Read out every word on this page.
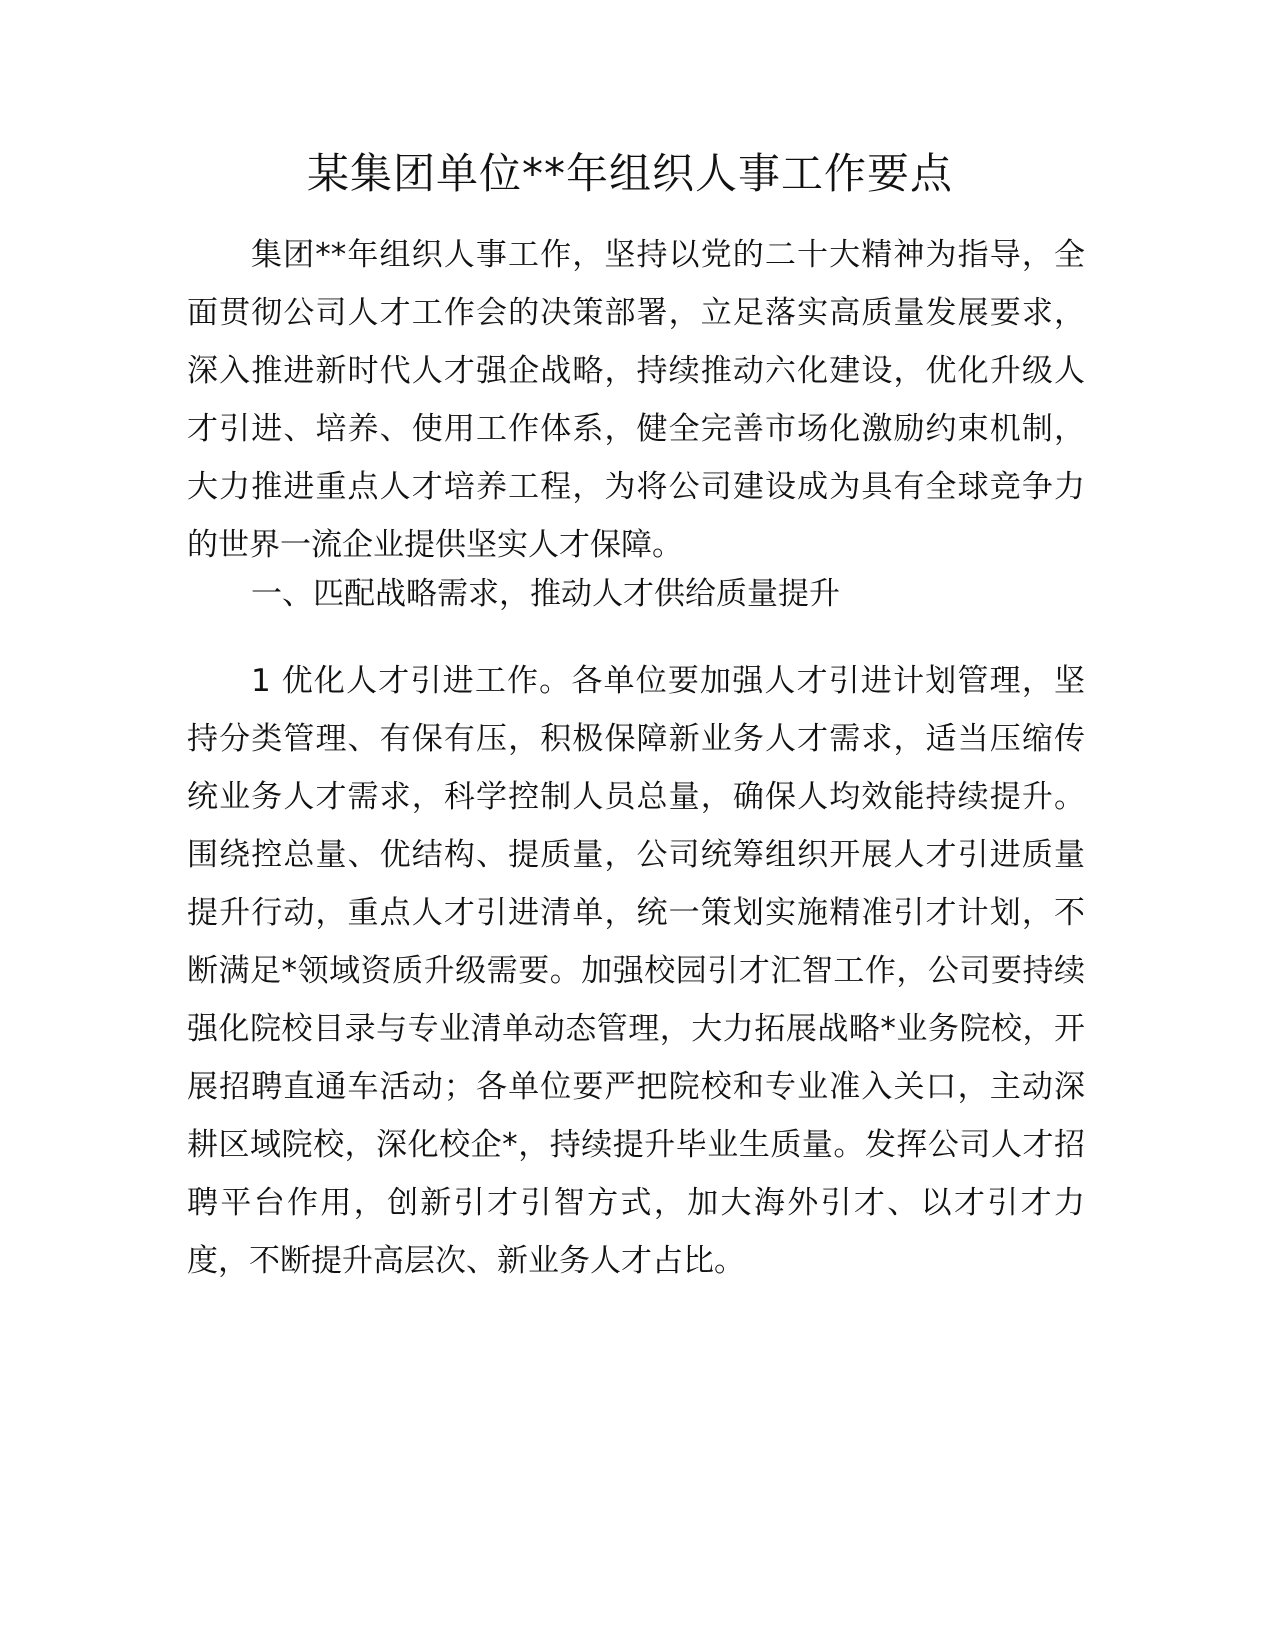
某集团单位**年组织人事工作要点

集团**年组织人事工作，坚持以党的二十大精神为指导，全面贯彻公司人才工作会的决策部署，立足落实高质量发展要求，深入推进新时代人才强企战略，持续推动六化建设，优化升级人才引进、培养、使用工作体系，健全完善市场化激励约束机制，大力推进重点人才培养工程，为将公司建设成为具有全球竞争力的世界一流企业提供坚实人才保障。

一、匹配战略需求，推动人才供给质量提升

1 优化人才引进工作。各单位要加强人才引进计划管理，坚持分类管理、有保有压，积极保障新业务人才需求，适当压缩传统业务人才需求，科学控制人员总量，确保人均效能持续提升。围绕控总量、优结构、提质量，公司统筹组织开展人才引进质量提升行动，重点人才引进清单，统一策划实施精准引才计划，不断满足*领域资质升级需要。加强校园引才汇智工作，公司要持续强化院校目录与专业清单动态管理，大力拓展战略*业务院校，开展招聘直通车活动；各单位要严把院校和专业准入关口，主动深耕区域院校，深化校企*，持续提升毕业生质量。发挥公司人才招聘平台作用，创新引才引智方式，加大海外引才、以才引才力度，不断提升高层次、新业务人才占比。
